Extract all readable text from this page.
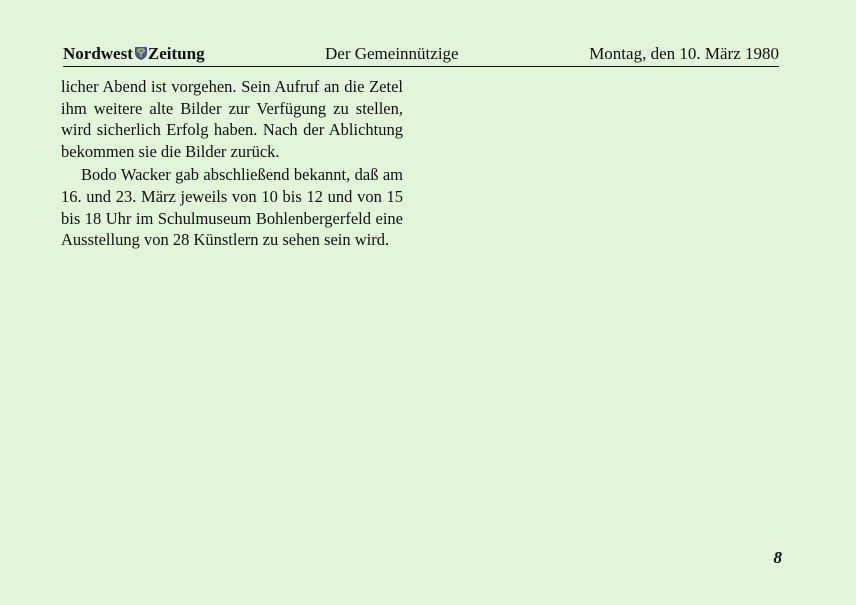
Nordwest Zeitung	Der Gemeinnützige	Montag, den 10. März 1980

licher Abend ist vorgehen. Sein Aufruf an die Zetel ihm weitere alte Bilder zur Verfügung zu stellen, wird sicherlich Erfolg haben. Nach der Ablichtung bekommen sie die Bilder zurück.

Bodo Wacker gab abschließend bekannt, daß am 16. und 23. März jeweils von 10 bis 12 und von 15 bis 18 Uhr im Schulmuseum Bohlenbergerfeld eine Ausstellung von 28 Künstlern zu sehen sein wird.

8
